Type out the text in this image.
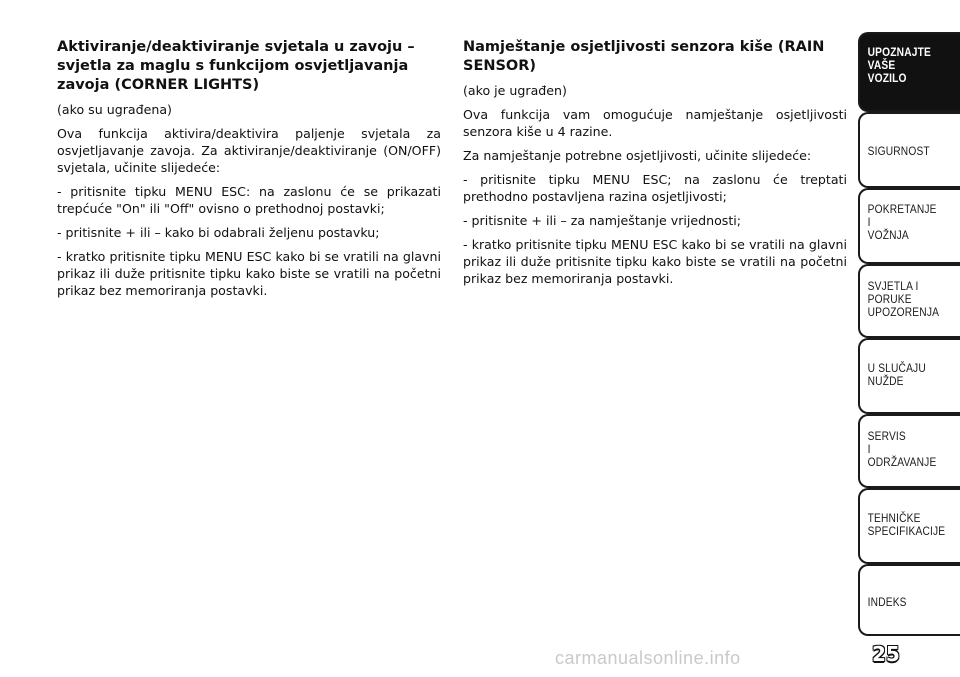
Aktiviranje/deaktiviranje svjetala u zavoju – svjetla za maglu s funkcijom osvjetljavanja zavoja (CORNER LIGHTS)

(ako su ugrađena)

Ova funkcija aktivira/deaktivira paljenje svjetala za osvjetljavanje zavoja. Za aktiviranje/deaktiviranje (ON/OFF) svjetala, učinite slijedeće:

- pritisnite tipku MENU ESC: na zaslonu će se prikazati trepćuće "On" ili "Off" ovisno o prethodnoj postavki;

- pritisnite + ili – kako bi odabrali željenu postavku;

- kratko pritisnite tipku MENU ESC kako bi se vratili na glavni prikaz ili duže pritisnite tipku kako biste se vratili na početni prikaz bez memoriranja postavki.

Namještanje osjetljivosti senzora kiše (RAIN SENSOR)

(ako je ugrađen)

Ova funkcija vam omogućuje namještanje osjetljivosti senzora kiše u 4 razine.

Za namještanje potrebne osjetljivosti, učinite slijedeće:

- pritisnite tipku MENU ESC; na zaslonu će treptati prethodno postavljena razina osjetljivosti;

- pritisnite + ili – za namještanje vrijednosti;

- kratko pritisnite tipku MENU ESC kako bi se vratili na glavni prikaz ili duže pritisnite tipku kako biste se vratili na početni prikaz bez memoriranja postavki.

UPOZNAJTE
VAŠE
VOZILO
SIGURNOST
POKRETANJE
I
VOŽNJA
SVJETLA I
PORUKE
UPOZORENJA
U SLUČAJU
NUŽDE
SERVIS
I
ODRŽAVANJE
TEHNIČKE
SPECIFIKACIJE
INDEKS
25
carmanualsonline.info
